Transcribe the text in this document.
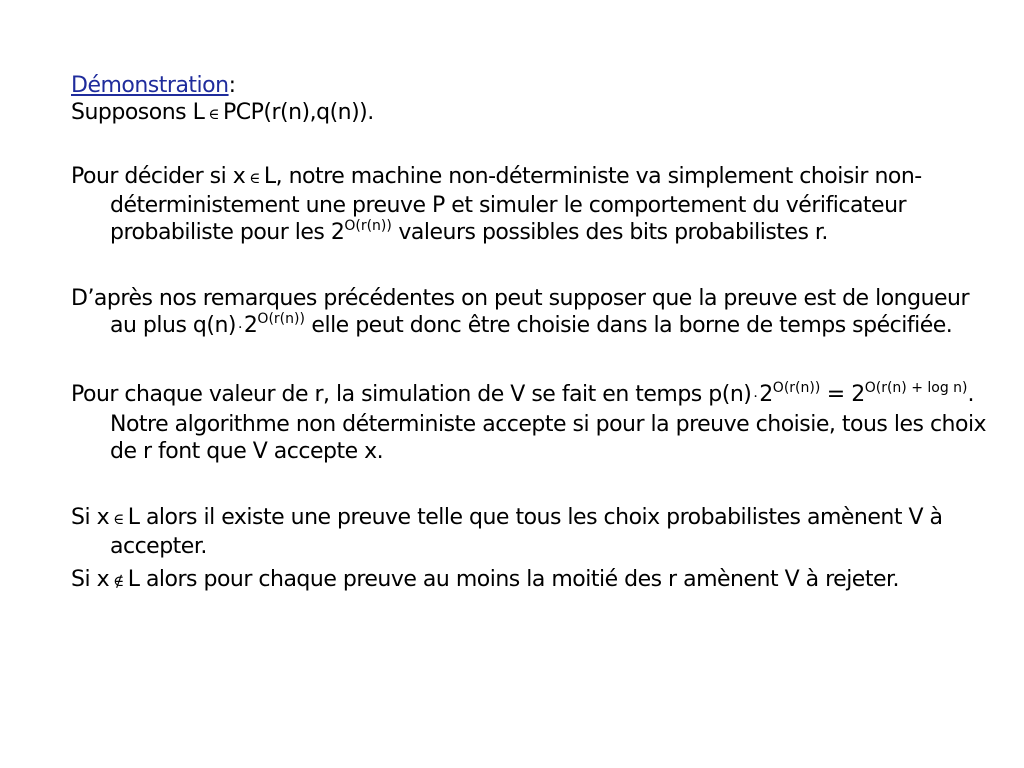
Démonstration:

Supposons L ∈ PCP(r(n),q(n)).

Pour décider si x ∈ L, notre machine non-déterministe va simplement choisir non-déterministement une preuve P et simuler le comportement du vérificateur probabiliste pour les $2^{O(r(n))}$ valeurs possibles des bits probabilistes r.

D’après nos remarques précédentes on peut supposer que la preuve est de longueur au plus $q(n) \cdot 2^{O(r(n))}$ elle peut donc être choisie dans la borne de temps spécifiée.

Pour chaque valeur de r, la simulation de V se fait en temps $p(n) \cdot 2^{O(r(n))} = 2^{O(r(n) + log n)}$. Notre algorithme non déterministe accepte si pour la preuve choisie, tous les choix de r font que V accepte x.

Si x ∈ L alors il existe une preuve telle que tous les choix probabilistes amènent V à accepter.

Si x ∉ L alors pour chaque preuve au moins la moitié des r amènent V à rejeter.
